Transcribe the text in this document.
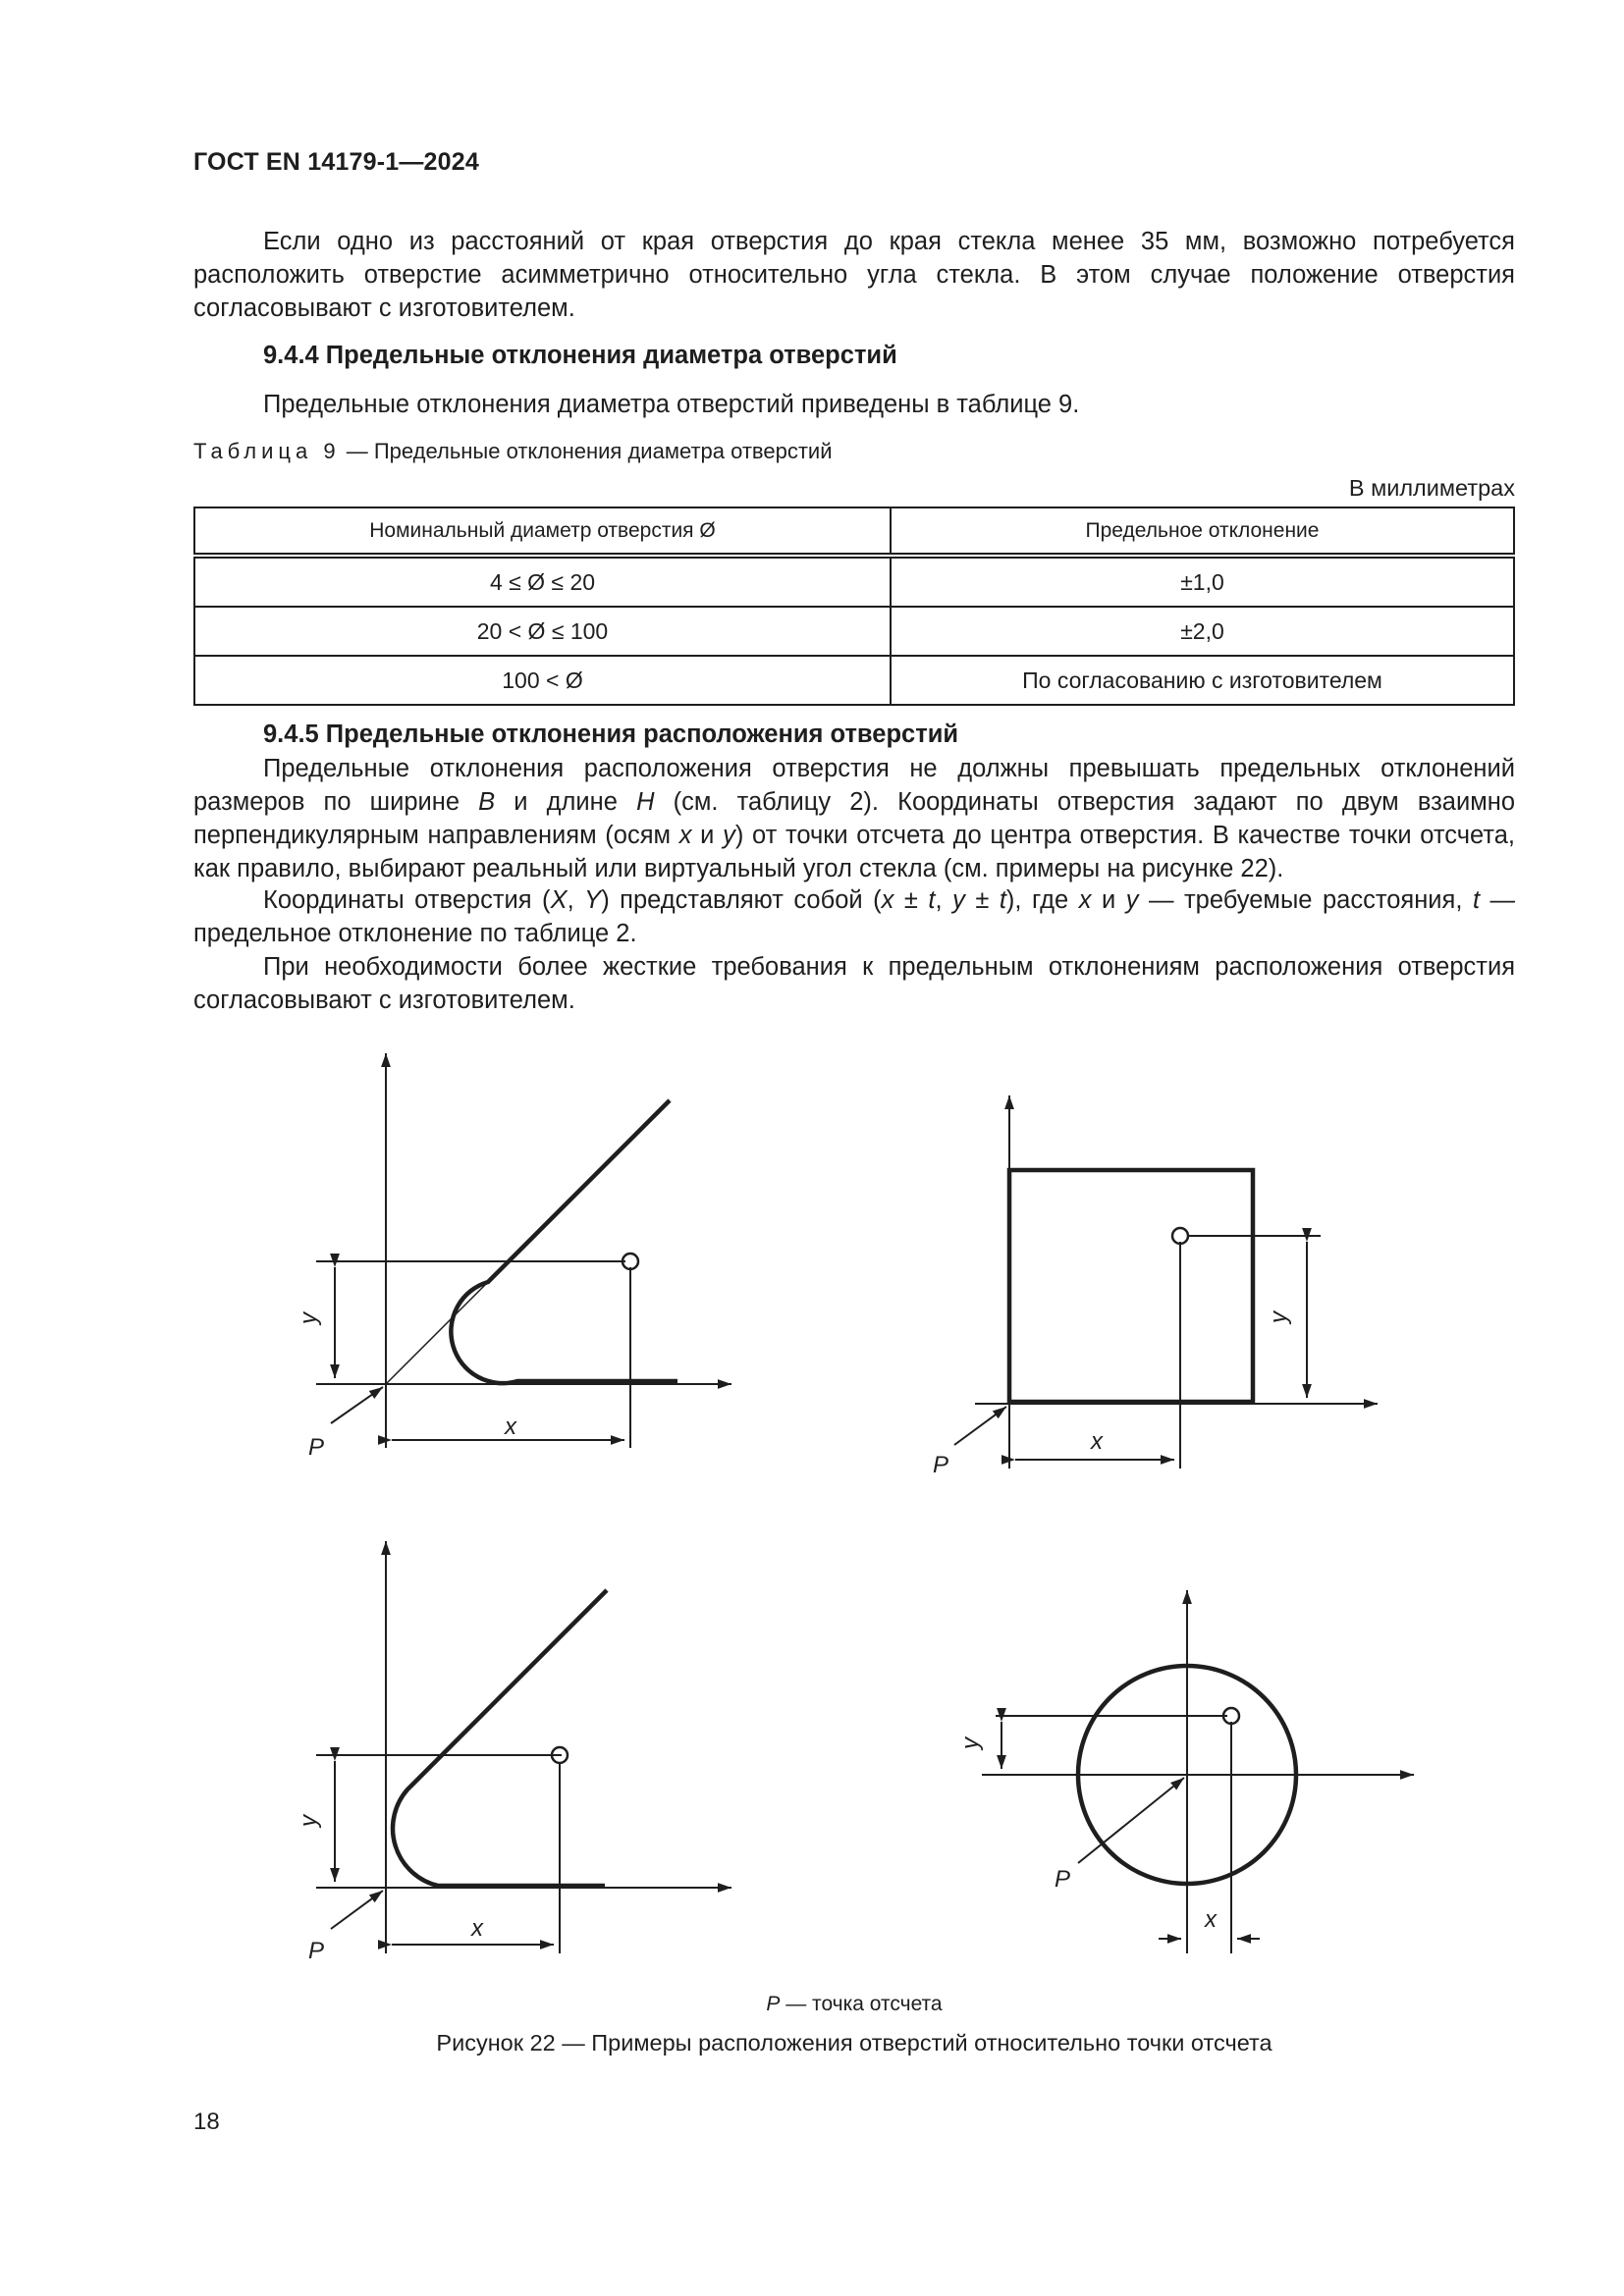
ГОСТ EN 14179-1—2024
Если одно из расстояний от края отверстия до края стекла менее 35 мм, возможно потребуется расположить отверстие асимметрично относительно угла стекла. В этом случае положение отверстия согласовывают с изготовителем.
9.4.4 Предельные отклонения диаметра отверстий
Предельные отклонения диаметра отверстий приведены в таблице 9.
Таблица 9 — Предельные отклонения диаметра отверстий
В миллиметрах
Номинальный диаметр отверстия Ø	Предельное отклонение
4 ≤ Ø ≤ 20	±1,0
20 < Ø ≤ 100	±2,0
100 < Ø	По согласованию с изготовителем
9.4.5 Предельные отклонения расположения отверстий
Предельные отклонения расположения отверстия не должны превышать предельных отклонений размеров по ширине B и длине H (см. таблицу 2). Координаты отверстия задают по двум взаимно перпендикулярным направлениям (осям x и y) от точки отсчета до центра отверстия. В качестве точки отсчета, как правило, выбирают реальный или виртуальный угол стекла (см. примеры на рисунке 22).
Координаты отверстия (X, Y) представляют собой (x ± t, y ± t), где x и y — требуемые расстояния, t — предельное отклонение по таблице 2.
При необходимости более жесткие требования к предельным отклонениям расположения отверстия согласовывают с изготовителем.
y
x
P
y
x
P
y
x
P
y
x
P
P — точка отсчета
Рисунок 22 — Примеры расположения отверстий относительно точки отсчета
18
